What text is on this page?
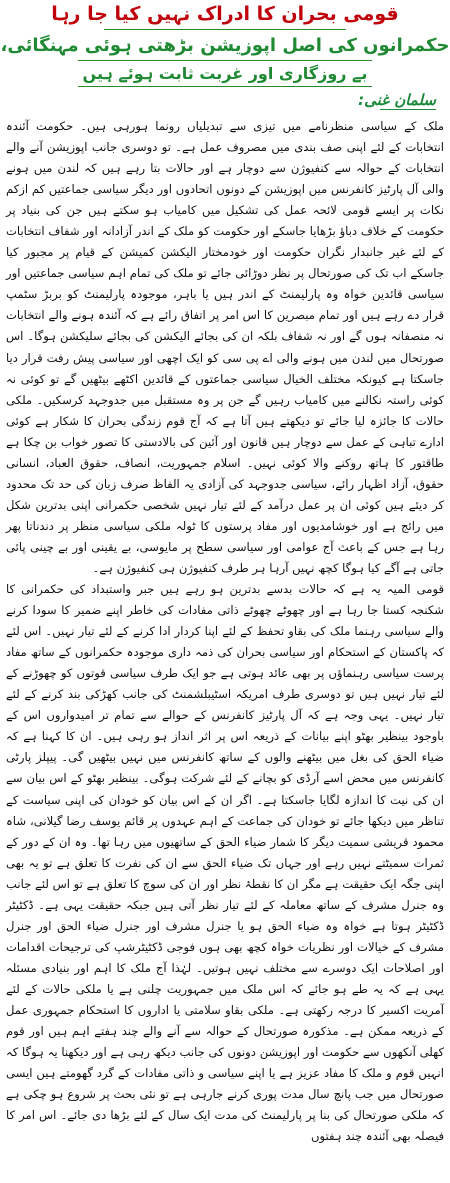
قومی بحران کا ادراک نہیں کیا جا رہا
حکمرانوں کی اصل اپوزیشن بڑھتی ہوئی مہنگائی،
بے روزگاری اور غربت ثابت ہوئے ہیں
سلمان غنی:

ملک کے سیاسی منظرنامے میں تیزی سے تبدیلیاں رونما ہورہی ہیں۔ حکومت آئندہ انتخابات کے لئے اپنی صف بندی میں مصروف عمل ہے۔ تو دوسری جانب اپوزیشن آنے والے انتخابات کے حوالہ سے کنفیوژن سے دوچار ہے اور حالات بتا رہے ہیں کہ لندن میں ہونے والی آل پارٹیز کانفرنس میں اپوزیشن کے دونوں اتحادوں اور دیگر سیاسی جماعتیں کم ازکم نکات پر ایسے قومی لائحہ عمل کی تشکیل میں کامیاب ہو سکتے ہیں جن کی بنیاد پر حکومت کے خلاف دباؤ بڑھایا جاسکے اور حکومت کو ملک کے اندر آزادانہ اور شفاف انتخابات کے لئے غیر جانبدار نگران حکومت اور خودمختار الیکشن کمیشن کے قیام پر مجبور کیا جاسکے اب تک کی صورتحال پر نظر دوڑائی جائے تو ملک کی تمام اہم سیاسی جماعتیں اور سیاسی قائدین خواہ وہ پارلیمنٹ کے اندر ہیں یا باہر، موجودہ پارلیمنٹ کو بربڑ سٹمپ قرار دے رہے ہیں اور تمام مبصرین کا اس امر پر اتفاق رائے ہے کہ آئندہ ہونے والے انتخابات نہ منصفانہ ہوں گے اور نہ شفاف بلکہ ان کی بجائے الیکشن کی بجائے سلیکشن ہوگا۔ اس صورتحال میں لندن میں ہونے والی اے پی سی کو ایک اچھی اور سیاسی پیش رفت قرار دیا جاسکتا ہے کیونکہ مختلف الخیال سیاسی جماعتوں کے قائدین اکٹھے بیٹھیں گے تو کوئی نہ کوئی راستہ نکالنے میں کامیاب رہیں گے جن پر وہ مستقبل میں جدوجہد کرسکیں۔ ملکی حالات کا جائزہ لیا جائے تو دیکھتے ہیں آتا ہے کہ آج قوم زندگی بحران کا شکار ہے کوئی ادارے تباہی کے عمل سے دوچار ہیں قانون اور آئین کی بالادستی کا تصور خواب بن چکا ہے طاقتور کا ہاتھ روکنے والا کوئی نہیں۔ اسلام جمہوریت، انصاف، حقوق العباد، انسانی حقوق، آزاد اظہار رائے، سیاسی جدوجہد کی آزادی یہ الفاظ صرف زبان کی حد تک محدود کر دیئے ہیں کوئی ان پر عمل درآمد کے لئے تیار نہیں شخصی حکمرانی اپنی بدترین شکل میں رائج ہے اور خوشامدیوں اور مفاد پرستوں کا ٹولہ ملکی سیاسی منظر پر دندناتا پھر رہا ہے جس کے باعث آج عوامی اور سیاسی سطح پر مایوسی، بے یقینی اور بے چینی پائی جاتی ہے آگے کیا ہوگا کچھ نہیں آرہا ہر طرف کنفیوژن ہی کنفیوژن ہے۔

قومی المیہ یہ ہے کہ حالات بدسے بدترین ہو رہے ہیں جبر واستبداد کی حکمرانی کا شکنجہ کستا جا رہا ہے اور چھوٹے چھوٹے ذاتی مفادات کی خاطر اپنے ضمیر کا سودا کرنے والے سیاسی رہنما ملک کی بقاو تحفظ کے لئے اپنا کردار ادا کرنے کے لئے تیار نہیں۔ اس لئے کہ پاکستان کے استحکام اور سیاسی بحران کی ذمہ داری موجودہ حکمرانوں کے ساتھ مفاد پرست سیاسی رہنماؤں پر بھی عائد ہوتی ہے جو ایک طرف سیاسی قوتوں کو چھوڑنے کے لئے تیار نہیں ہیں تو دوسری طرف امریکہ اسٹیبلشمنٹ کی جانب کھڑکی بند کرنے کے لئے تیار نہیں۔ یہی وجہ ہے کہ آل پارٹیز کانفرنس کے حوالے سے تمام تر امیدواروں اس کے باوجود بینظیر بھٹو اپنے بیانات کے ذریعہ اس پر اثر انداز ہو رہی ہیں۔ ان کا کہنا ہے کہ ضیاء الحق کی بغل میں بیٹھنے والوں کے ساتھ کانفرنس میں نہیں بیٹھیں گی۔ پیپلز پارٹی کانفرنس میں محض اسے آرڈی کو بچانے کے لئے شرکت ہوگی۔ بینظیر بھٹو کے اس بیان سے ان کی نیت کا اندازہ لگایا جاسکتا ہے۔ اگر ان کے اس بیان کو خودان کی اپنی سیاست کے تناظر میں دیکھا جائے تو خودان کی جماعت کے اہم عہدوں پر قائم یوسف رضا گیلانی، شاہ محمود قریشی سمیت دیگر کا شمار ضیاء الحق کے ساتھیوں میں رہا تھا۔ وہ ان کے دور کے ثمرات سمیٹتے نہیں رہے اور جہاں تک ضیاء الحق سے ان کی نفرت کا تعلق ہے تو یہ بھی اپنی جگہ ایک حقیقت ہے مگر ان کا نقطۂ نظر اور ان کی سوچ کا تعلق ہے تو اس لئے جانب وہ جنرل مشرف کے ساتھ معاملہ کے لئے تیار نظر آتی ہیں جبکہ حقیقت یہی ہے۔ ڈکٹیٹر ڈکٹیٹر ہوتا ہے خواہ وہ ضیاء الحق ہو یا جنرل مشرف اور جنرل ضیاء الحق اور جنرل مشرف کے خیالات اور نظریات خواہ کچھ بھی ہوں فوجی ڈکٹیٹرشپ کی ترجیحات اقدامات اور اصلاحات ایک دوسرے سے مختلف نہیں ہوتیں۔ لہٰذا آج ملک کا اہم اور بنیادی مسئلہ یہی ہے کہ یہ طے ہو جائے کہ اس ملک میں جمہوریت چلنی ہے یا ملکی حالات کے لئے آمریت اکسیر کا درجہ رکھتی ہے۔ ملکی بقاو سلامتی یا اداروں کا استحکام جمہوری عمل کے ذریعہ ممکن ہے۔ مذکورہ صورتحال کے حوالہ سے آنے والے چند ہفتے اہم ہیں اور قوم کھلی آنکھوں سے حکومت اور اپوزیشن دونوں کی جانب دیکھ رہی ہے اور دیکھنا یہ ہوگا کہ انہیں قوم و ملک کا مفاد عزیز ہے یا اپنے سیاسی و ذاتی مفادات کے گرد گھومتے ہیں ایسی صورتحال میں جب پانچ سال مدت پوری کرنے جارہی ہے تو نئی بحث پر شروع ہو چکی ہے کہ ملکی صورتحال کی بنا پر پارلیمنٹ کی مدت ایک سال کے لئے بڑھا دی جائے۔ اس امر کا فیصلہ بھی آئندہ چند ہفتوں
